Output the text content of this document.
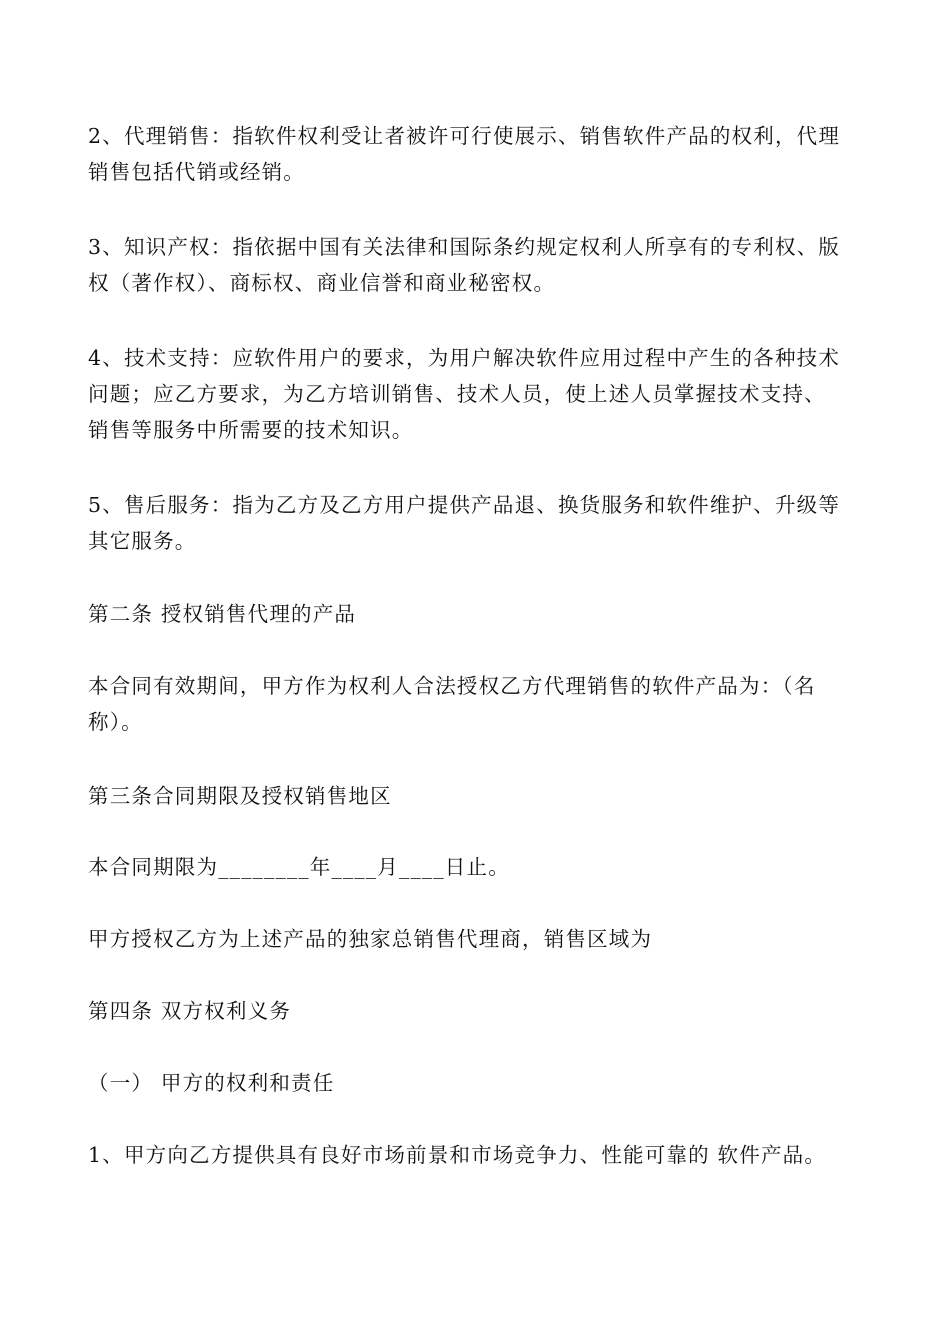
2、代理销售：指软件权利受让者被许可行使展示、销售软件产品的权利，代理
销售包括代销或经销。

3、知识产权：指依据中国有关法律和国际条约规定权利人所享有的专利权、版
权（著作权）、商标权、商业信誉和商业秘密权。

4、技术支持：应软件用户的要求，为用户解决软件应用过程中产生的各种技术
问题；应乙方要求，为乙方培训销售、技术人员，使上述人员掌握技术支持、
销售等服务中所需要的技术知识。

5、售后服务：指为乙方及乙方用户提供产品退、换货服务和软件维护、升级等
其它服务。

第二条 授权销售代理的产品

本合同有效期间，甲方作为权利人合法授权乙方代理销售的软件产品为：（名
称）。

第三条合同期限及授权销售地区

本合同期限为________年____月____日止。

甲方授权乙方为上述产品的独家总销售代理商，销售区域为

第四条 双方权利义务

（一） 甲方的权利和责任

1、甲方向乙方提供具有良好市场前景和市场竞争力、性能可靠的 软件产品。
